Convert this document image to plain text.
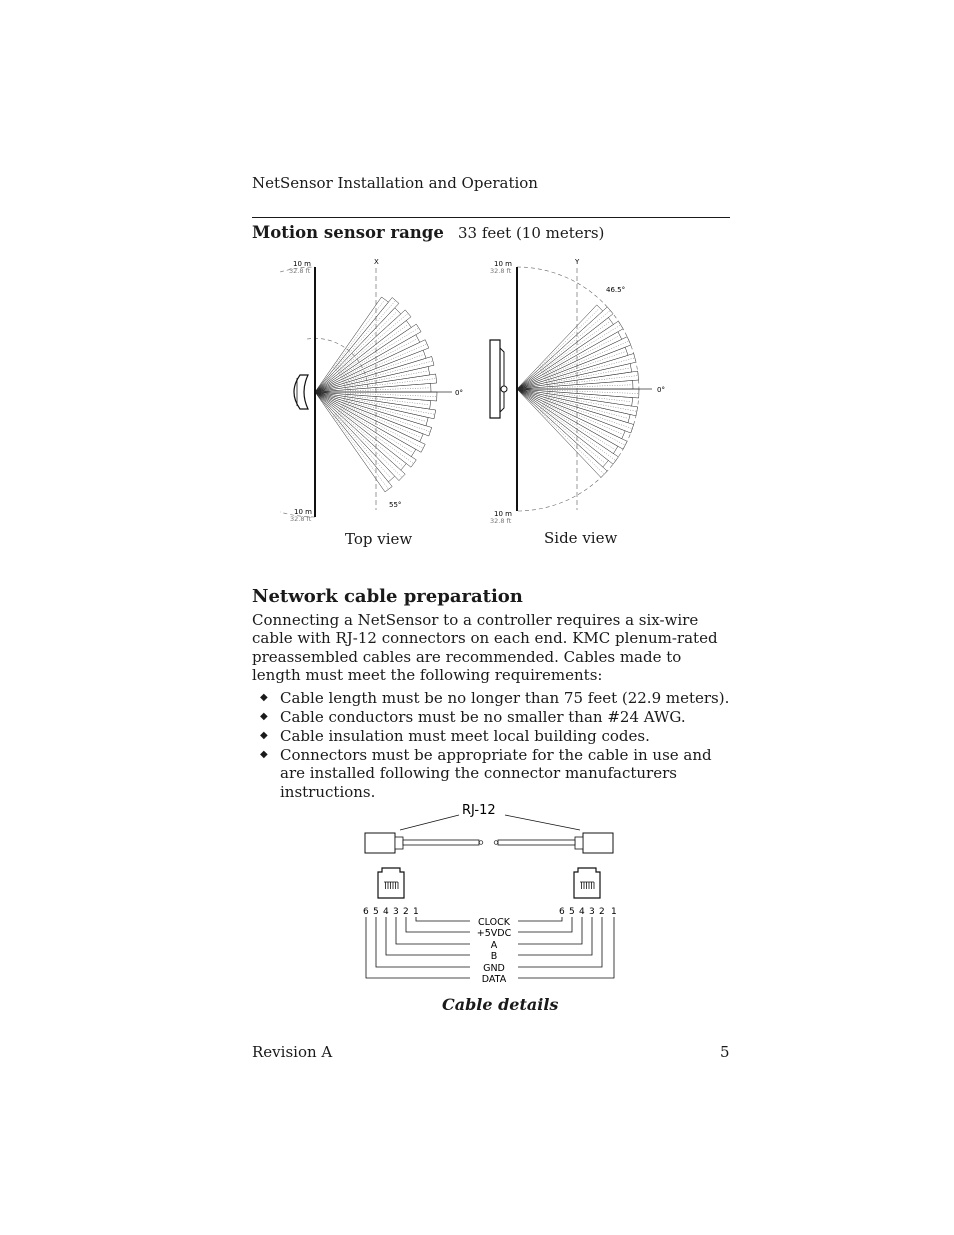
NetSensor Installation and Operation
Motion sensor range 33 feet (10 meters)
X
0°
55°
10 m
32.8 ft
10 m
32.8 ft
Y
0°
46.5°
10 m
32.8 ft
10 m
32.8 ft
Top view	Side view
Network cable preparation
Connecting a NetSensor to a controller requires a six-wire cable with RJ-12 connectors on each end. KMC plenum-rated preassembled cables are recommended. Cables made to length must meet the following requirements:
◆ Cable length must be no longer than 75 feet (22.9 meters).
◆ Cable conductors must be no smaller than #24 AWG.
◆ Cable insulation must meet local building codes.
◆ Connectors must be appropriate for the cable in use and are installed following the connector manufacturers instructions.
RJ-12
6 5 4 3 2 1	6 5 4 3 2 1
CLOCK
+5VDC
A
B
GND
DATA
Cable details
Revision A	5
